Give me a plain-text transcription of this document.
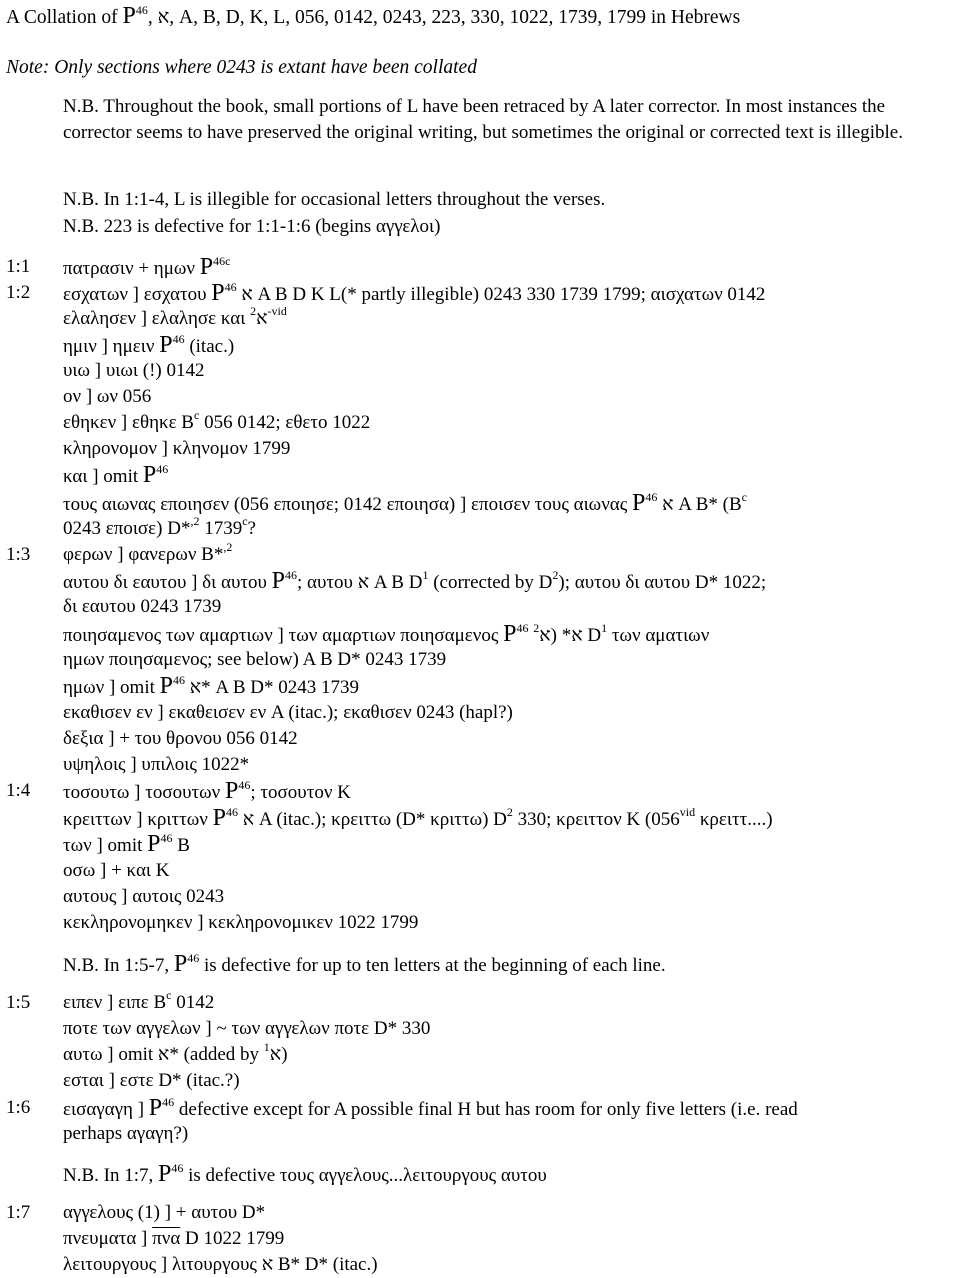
A Collation of $P^{46}$, א, A, B, D, K, L, 056, 0142, 0243, 223, 330, 1022, 1739, 1799 in Hebrews
Note: Only sections where 0243 is extant have been collated
N.B. Throughout the book, small portions of L have been retraced by A later corrector. In most instances the corrector seems to have preserved the original writing, but sometimes the original or corrected text is illegible.
N.B. In 1:1-4, L is illegible for occasional letters throughout the verses.
N.B. 223 is defective for 1:1-1:6 (begins αγγελοι)
1:1 πατρασιν + ημων $P^{46c}$
1:2 εσχατων ] εσχατου $P^{46}$ א A B D K L(* partly illegible) 0243 330 1739 1799; αισχατων 0142
ελαλησεν ] ελαλησε και א$^{2-vid}$
ημιν ] ημειν $P^{46}$ (itac.)
υιω ] υιωι (!) 0142
ον ] ων 056
εθηκεν ] εθηκε $B^c$ 056 0142; εθετο 1022
κληρονομον ] κληνομον 1799
και ] omit $P^{46}$
τους αιωνας εποιησεν (056 εποιησε; 0142 εποιησα) ] εποισεν τους αιωνας $P^{46}$ א A B* ($B^c$
0243 εποισε) D*$^{,2}$ 1739$^c$?
1:3 φερων ] φανερων B*$^{,2}$
αυτου δι εαυτου ] δι αυτου $P^{46}$; αυτου א A B $D^1$ (corrected by $D^2$); αυτου δι αυτου D* 1022;
δι εαυτου 0243 1739
ποιησαμενος των αμαρτιων ] των αμαρτιων ποιησαμενος $P^{46}$ א* (א$^2$ $D^1$ των αματιων
ημων ποιησαμενος; see below) A B D* 0243 1739
ημων ] omit $P^{46}$ א* A B D* 0243 1739
εκαθισεν εν ] εκαθεισεν εν A (itac.); εκαθισεν 0243 (hapl?)
δεξια ] + του θρονου 056 0142
υψηλοις ] υπιλοις 1022*
1:4 τοσουτω ] τοσουτων $P^{46}$; τοσουτον K
κρειττων ] κριττων $P^{46}$ א A (itac.); κρειττω (D* κριττω) $D^2$ 330; κρειττον K ($056^{vid}$ κρειττ....)
των ] omit $P^{46}$ B
οσω ] + και K
αυτους ] αυτοις 0243
κεκληρονομηκεν ] κεκληρονομικεν 1022 1799
N.B. In 1:5-7, $P^{46}$ is defective for up to ten letters at the beginning of each line.
1:5 ειπεν ] ειπε $B^c$ 0142
ποτε των αγγελων ] ~ των αγγελων ποτε D* 330
αυτω ] omit א* (added by א$^1$ )
εσται ] εστε D* (itac.?)
1:6 εισαγαγη ] $P^{46}$ defective except for A possible final H but has room for only five letters (i.e. read
perhaps αγαγη?)
N.B. In 1:7, $P^{46}$ is defective τους αγγελους...λειτουργους αυτου
1:7 αγγελους (1) ] + αυτου D*
πνευματα ] $\overline{\pi\nu\alpha}$ D 1022 1799
λειτουργους ] λιτουργους א B* D* (itac.)
